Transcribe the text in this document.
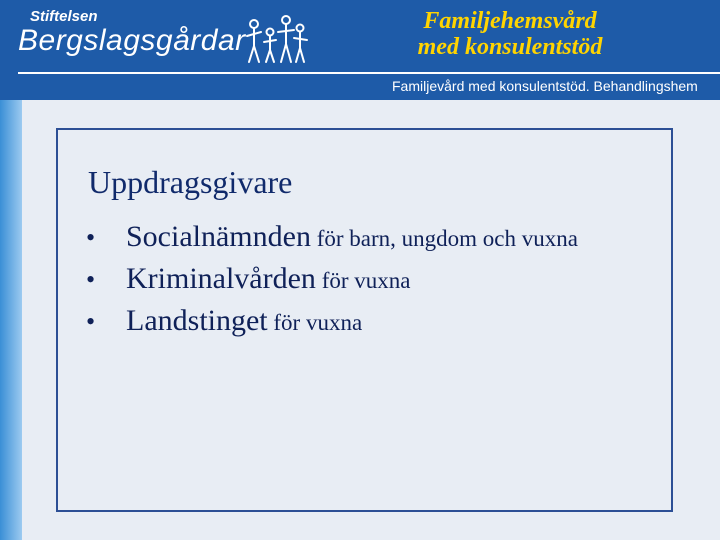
Stiftelsen
Bergslagsgårdar
Familjehemsvård
med konsulentstöd
Familjevård med konsulentstöd. Behandlingshem
Uppdragsgivare
• Socialnämnden för barn, ungdom och vuxna
• Kriminalvården för vuxna
• Landstinget för vuxna
